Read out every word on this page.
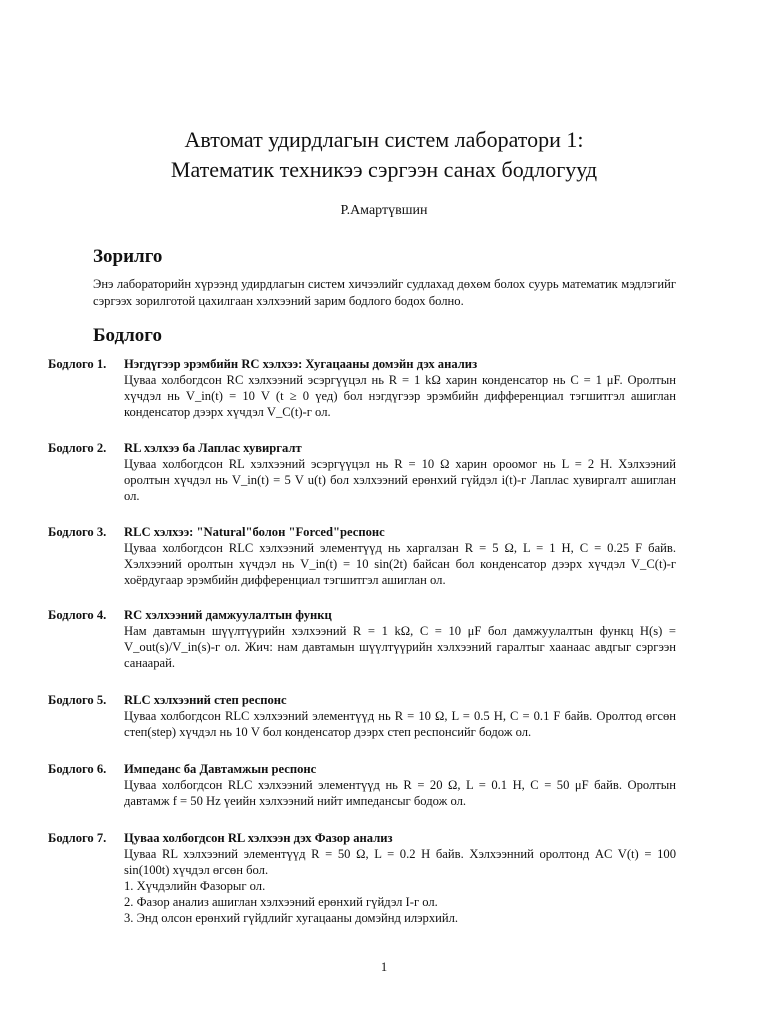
Автомат удирдлагын систем лаборатори 1:
Математик техникээ сэргээн санах бодлогууд
Р.Амартүвшин
Зорилго

Энэ лабораторийн хүрээнд удирдлагын систем хичээлийг судлахад дөхөм болох суурь математик мэдлэгийг сэргээх зорилготой цахилгаан хэлхээний зарим бодлого бодох болно.

Бодлого
Бодлого 1.	Нэгдүгээр эрэмбийн RC хэлхээ: Хугацааны домэйн дэх анализ

Цуваа холбогдсон RC хэлхээний эсэргүүцэл нь R = 1 kΩ харин конденсатор нь C = 1 μF. Оролтын хүчдэл нь V_in(t) = 10 V (t ≥ 0 үед) бол нэгдүгээр эрэмбийн дифференциал тэгшитгэл ашиглан конденсатор дээрх хүчдэл V_C(t)-г ол.

Бодлого 2.	RL хэлхээ ба Лаплас хувиргалт

Цуваа холбогдсон RL хэлхээний эсэргүүцэл нь R = 10 Ω харин ороомог нь L = 2 H. Хэлхээний оролтын хүчдэл нь V_in(t) = 5 V u(t) бол хэлхээний ерөнхий гүйдэл i(t)-г Лаплас хувиргалт ашиглан ол.

Бодлого 3.	RLC хэлхээ: "Natural"болон "Forced"респонс

Цуваа холбогдсон RLC хэлхээний элементүүд нь харгалзан R = 5 Ω, L = 1 H, C = 0.25 F байв. Хэлхээний оролтын хүчдэл нь V_in(t) = 10 sin(2t) байсан бол конденсатор дээрх хүчдэл V_C(t)-г хоёрдугаар эрэмбийн дифференциал тэгшитгэл ашиглан ол.

Бодлого 4.	RC хэлхээний дамжуулалтын функц

Нам давтамын шүүлтүүрийн хэлхээний R = 1 kΩ, C = 10 μF бол дамжуулалтын функц H(s) = V_out(s)/V_in(s)-г ол. Жич: нам давтамын шүүлтүүрийн хэлхээний гаралтыг хаанаас авдгыг сэргээн санаарай.

Бодлого 5.	RLC хэлхээний степ респонс

Цуваа холбогдсон RLC хэлхээний элементүүд нь R = 10 Ω, L = 0.5 H, C = 0.1 F байв. Оролтод өгсөн степ(step) хүчдэл нь 10 V бол конденсатор дээрх степ респонсийг бодож ол.

Бодлого 6.	Импеданс ба Давтамжын респонс

Цуваа холбогдсон RLC хэлхээний элементүүд нь R = 20 Ω, L = 0.1 H, C = 50 μF байв. Оролтын давтамж f = 50 Hz үеийн хэлхээний нийт импедансыг бодож ол.

Бодлого 7.	Цуваа холбогдсон RL хэлхээн дэх Фазор анализ

Цуваа RL хэлхээний элементүүд R = 50 Ω, L = 0.2 H байв. Хэлхээнний оролтонд AC V(t) = 100 sin(100t) хүчдэл өгсөн бол.

1. Хүчдэлийн Фазорыг ол.

2. Фазор анализ ашиглан хэлхээний ерөнхий гүйдэл I-г ол.

3. Энд олсон ерөнхий гүйдлийг хугацааны домэйнд илэрхийл.

1
